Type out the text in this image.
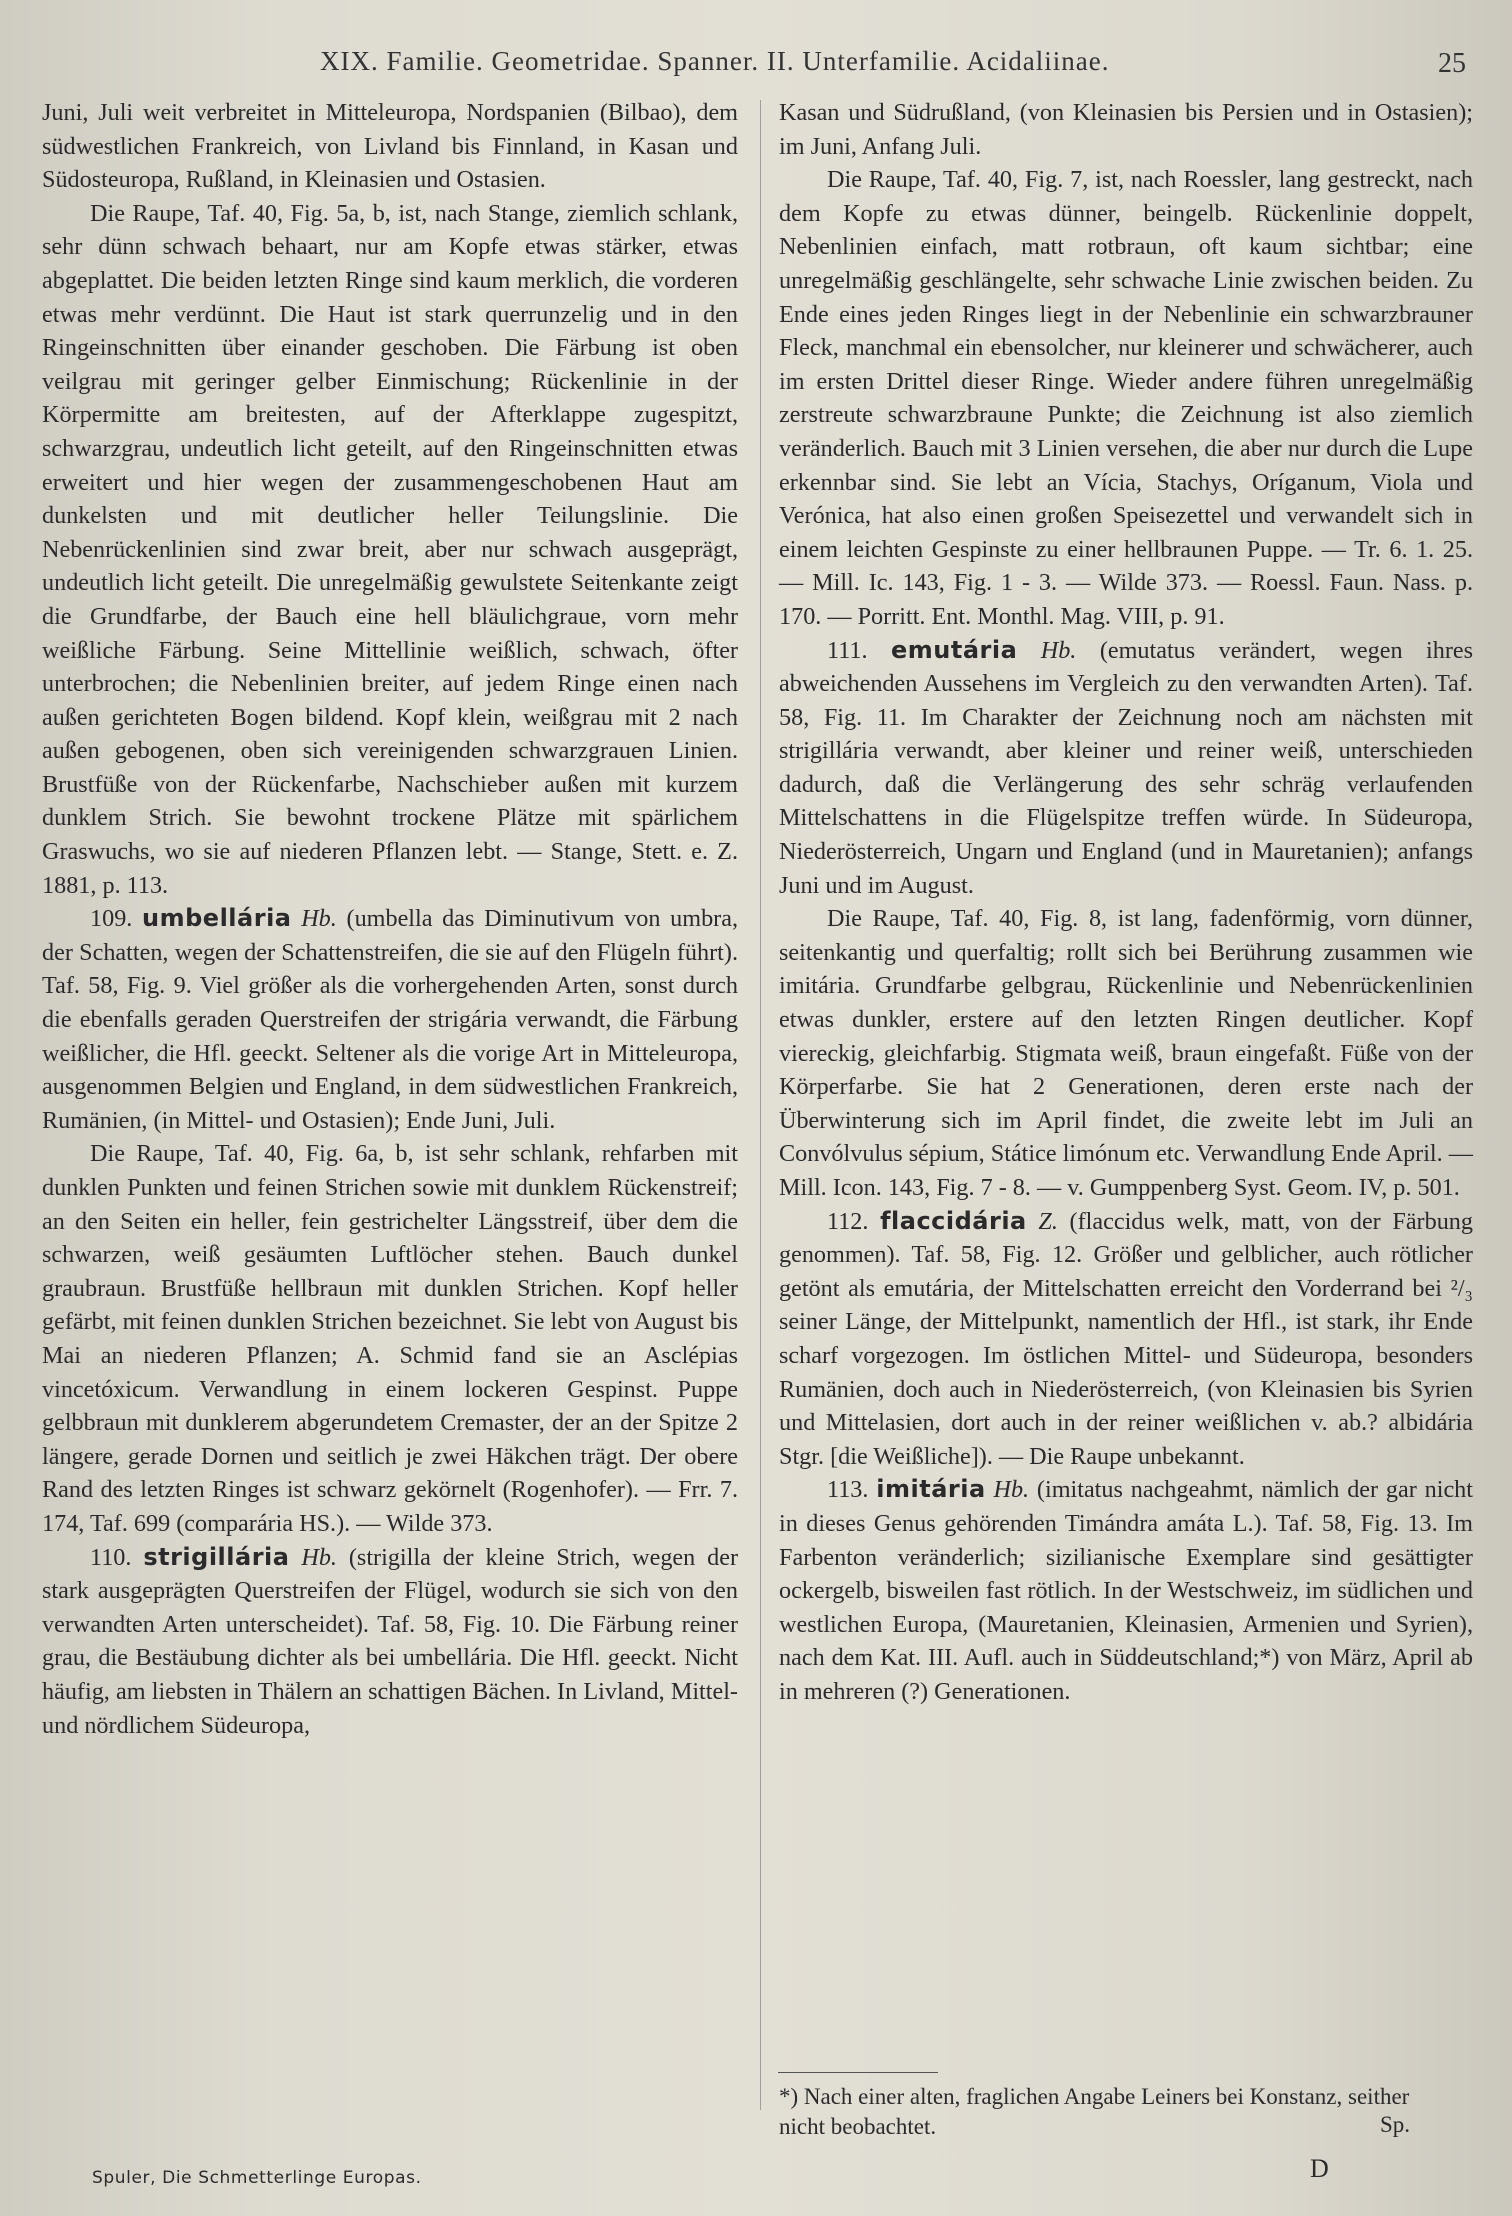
XIX. Familie. Geometridae. Spanner. II. Unterfamilie. Acidaliinae.	25

Juni, Juli weit verbreitet in Mitteleuropa, Nordspanien (Bilbao), dem südwestlichen Frankreich, von Livland bis Finnland, in Kasan und Südosteuropa, Rußland, in Kleinasien und Ostasien.

Die Raupe, Taf. 40, Fig. 5a, b, ist, nach Stange, ziemlich schlank, sehr dünn schwach behaart, nur am Kopfe etwas stärker, etwas abgeplattet. Die beiden letzten Ringe sind kaum merklich, die vorderen etwas mehr verdünnt. Die Haut ist stark querrunzelig und in den Ringeinschnitten über einander geschoben. Die Färbung ist oben veilgrau mit geringer gelber Einmischung; Rückenlinie in der Körpermitte am breitesten, auf der Afterklappe zugespitzt, schwarzgrau, undeutlich licht geteilt, auf den Ringeinschnitten etwas erweitert und hier wegen der zusammengeschobenen Haut am dunkelsten und mit deutlicher heller Teilungslinie. Die Nebenrückenlinien sind zwar breit, aber nur schwach ausgeprägt, undeutlich licht geteilt. Die unregelmäßig gewulstete Seitenkante zeigt die Grundfarbe, der Bauch eine hell bläulichgraue, vorn mehr weißliche Färbung. Seine Mittellinie weißlich, schwach, öfter unterbrochen; die Nebenlinien breiter, auf jedem Ringe einen nach außen gerichteten Bogen bildend. Kopf klein, weißgrau mit 2 nach außen gebogenen, oben sich vereinigenden schwarzgrauen Linien. Brustfüße von der Rückenfarbe, Nachschieber außen mit kurzem dunklem Strich. Sie bewohnt trockene Plätze mit spärlichem Graswuchs, wo sie auf niederen Pflanzen lebt. — Stange, Stett. e. Z. 1881, p. 113.

109. umbellária Hb. (umbella das Diminutivum von umbra, der Schatten, wegen der Schattenstreifen, die sie auf den Flügeln führt). Taf. 58, Fig. 9. Viel größer als die vorhergehenden Arten, sonst durch die ebenfalls geraden Querstreifen der strigária verwandt, die Färbung weißlicher, die Hfl. geeckt. Seltener als die vorige Art in Mitteleuropa, ausgenommen Belgien und England, in dem südwestlichen Frankreich, Rumänien, (in Mittel- und Ostasien); Ende Juni, Juli.

Die Raupe, Taf. 40, Fig. 6a, b, ist sehr schlank, rehfarben mit dunklen Punkten und feinen Strichen sowie mit dunklem Rückenstreif; an den Seiten ein heller, fein gestrichelter Längsstreif, über dem die schwarzen, weiß gesäumten Luftlöcher stehen. Bauch dunkel graubraun. Brustfüße hellbraun mit dunklen Strichen. Kopf heller gefärbt, mit feinen dunklen Strichen bezeichnet. Sie lebt von August bis Mai an niederen Pflanzen; A. Schmid fand sie an Asclépias vincetóxicum. Verwandlung in einem lockeren Gespinst. Puppe gelbbraun mit dunklerem abgerundetem Cremaster, der an der Spitze 2 längere, gerade Dornen und seitlich je zwei Häkchen trägt. Der obere Rand des letzten Ringes ist schwarz gekörnelt (Rogenhofer). — Frr. 7. 174, Taf. 699 (comparária HS.). — Wilde 373.

110. strigillária Hb. (strigilla der kleine Strich, wegen der stark ausgeprägten Querstreifen der Flügel, wodurch sie sich von den verwandten Arten unterscheidet). Taf. 58, Fig. 10. Die Färbung reiner grau, die Bestäubung dichter als bei umbellária. Die Hfl. geeckt. Nicht häufig, am liebsten in Thälern an schattigen Bächen. In Livland, Mittel- und nördlichem Südeuropa,

Kasan und Südrußland, (von Kleinasien bis Persien und in Ostasien); im Juni, Anfang Juli.

Die Raupe, Taf. 40, Fig. 7, ist, nach Roessler, lang gestreckt, nach dem Kopfe zu etwas dünner, beingelb. Rückenlinie doppelt, Nebenlinien einfach, matt rotbraun, oft kaum sichtbar; eine unregelmäßig geschlängelte, sehr schwache Linie zwischen beiden. Zu Ende eines jeden Ringes liegt in der Nebenlinie ein schwarzbrauner Fleck, manchmal ein ebensolcher, nur kleinerer und schwächerer, auch im ersten Drittel dieser Ringe. Wieder andere führen unregelmäßig zerstreute schwarzbraune Punkte; die Zeichnung ist also ziemlich veränderlich. Bauch mit 3 Linien versehen, die aber nur durch die Lupe erkennbar sind. Sie lebt an Vícia, Stachys, Oríganum, Viola und Verónica, hat also einen großen Speisezettel und verwandelt sich in einem leichten Gespinste zu einer hellbraunen Puppe. — Tr. 6. 1. 25. — Mill. Ic. 143, Fig. 1 - 3. — Wilde 373. — Roessl. Faun. Nass. p. 170. — Porritt. Ent. Monthl. Mag. VIII, p. 91.

111. emutária Hb. (emutatus verändert, wegen ihres abweichenden Aussehens im Vergleich zu den verwandten Arten). Taf. 58, Fig. 11. Im Charakter der Zeichnung noch am nächsten mit strigillária verwandt, aber kleiner und reiner weiß, unterschieden dadurch, daß die Verlängerung des sehr schräg verlaufenden Mittelschattens in die Flügelspitze treffen würde. In Südeuropa, Niederösterreich, Ungarn und England (und in Mauretanien); anfangs Juni und im August.

Die Raupe, Taf. 40, Fig. 8, ist lang, fadenförmig, vorn dünner, seitenkantig und querfaltig; rollt sich bei Berührung zusammen wie imitária. Grundfarbe gelbgrau, Rückenlinie und Nebenrückenlinien etwas dunkler, erstere auf den letzten Ringen deutlicher. Kopf viereckig, gleichfarbig. Stigmata weiß, braun eingefaßt. Füße von der Körperfarbe. Sie hat 2 Generationen, deren erste nach der Überwinterung sich im April findet, die zweite lebt im Juli an Convólvulus sépium, Státice limónum etc. Verwandlung Ende April. — Mill. Icon. 143, Fig. 7 - 8. — v. Gumppenberg Syst. Geom. IV, p. 501.

112. flaccidária Z. (flaccidus welk, matt, von der Färbung genommen). Taf. 58, Fig. 12. Größer und gelblicher, auch rötlicher getönt als emutária, der Mittelschatten erreicht den Vorderrand bei ²/₃ seiner Länge, der Mittelpunkt, namentlich der Hfl., ist stark, ihr Ende scharf vorgezogen. Im östlichen Mittel- und Südeuropa, besonders Rumänien, doch auch in Niederösterreich, (von Kleinasien bis Syrien und Mittelasien, dort auch in der reiner weißlichen v. ab.? albidária Stgr. [die Weißliche]). — Die Raupe unbekannt.

113. imitária Hb. (imitatus nachgeahmt, nämlich der gar nicht in dieses Genus gehörenden Timándra amáta L.). Taf. 58, Fig. 13. Im Farbenton veränderlich; sizilianische Exemplare sind gesättigter ockergelb, bisweilen fast rötlich. In der Westschweiz, im südlichen und westlichen Europa, (Mauretanien, Kleinasien, Armenien und Syrien), nach dem Kat. III. Aufl. auch in Süddeutschland;*) von März, April ab in mehreren (?) Generationen.

*) Nach einer alten, fraglichen Angabe Leiners bei Konstanz, seither nicht beobachtet.	Sp.
Spuler, Die Schmetterlinge Europas.	D
